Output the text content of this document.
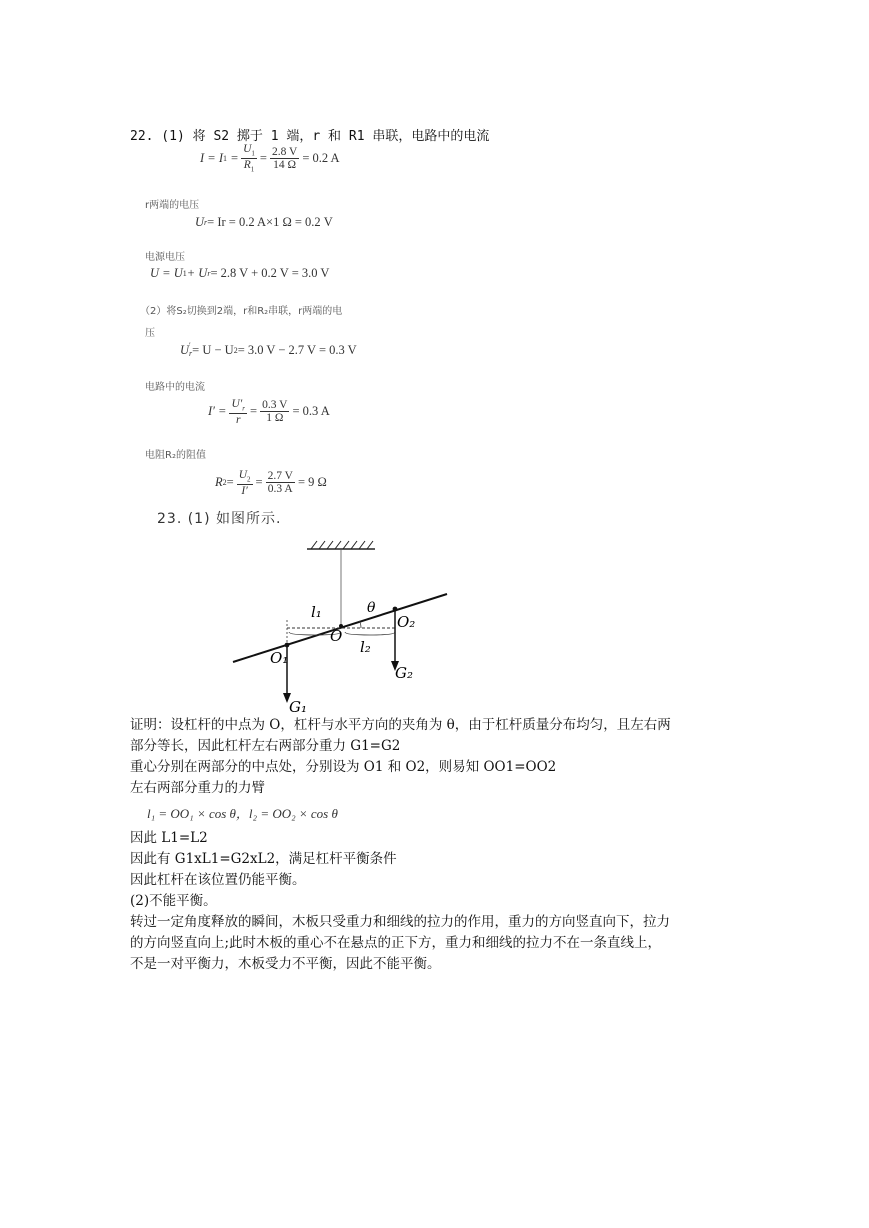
22. (1) 将 S2 掷于 1 端，r 和 R1 串联，电路中的电流
I = I $1 = \frac{U_1}{R_1} = \frac{2.8 V}{14 \Omega} = 0.2$ A
r两端的电压
U r = Ir = 0.2 A×1 Ω = 0.2 V
电源电压
U = U 1 + U r = 2.8 V + 0.2 V = 3.0 V
（2）将S₂切换到2端，r和R₂串联，r两端的电
压
U ′
r = U − U 2 = 3.0 V − 2.7 V = 0.3 V
电路中的电流
$I' = \frac{U'_r}{r} = \frac{0.3 V}{1 \Omega} = 0.3$ A
电阻R₂的阻值
R $2 = \frac{U_2}{I'} = \frac{2.7 V}{0.3 A} = 9$ Ω
23. (1) 如图所示.
l₁	θ
O
O₂
O₁
l₂
G₂
G₁
证明：设杠杆的中点为 O，杠杆与水平方向的夹角为 θ，由于杠杆质量分布均匀，且左右两
部分等长，因此杠杆左右两部分重力 G1=G2
重心分别在两部分的中点处，分别设为 O1 和 O2，则易知 OO1=OO2
左右两部分重力的力臂
l₁ = OO₁ × cos θ，l₂ = OO₂ × cos θ
因此 L1=L2
因此有 G1xL1=G2xL2，满足杠杆平衡条件
因此杠杆在该位置仍能平衡。
(2)不能平衡。
转过一定角度释放的瞬间，木板只受重力和细线的拉力的作用，重力的方向竖直向下，拉力
的方向竖直向上;此时木板的重心不在悬点的正下方，重力和细线的拉力不在一条直线上，
不是一对平衡力，木板受力不平衡，因此不能平衡。
